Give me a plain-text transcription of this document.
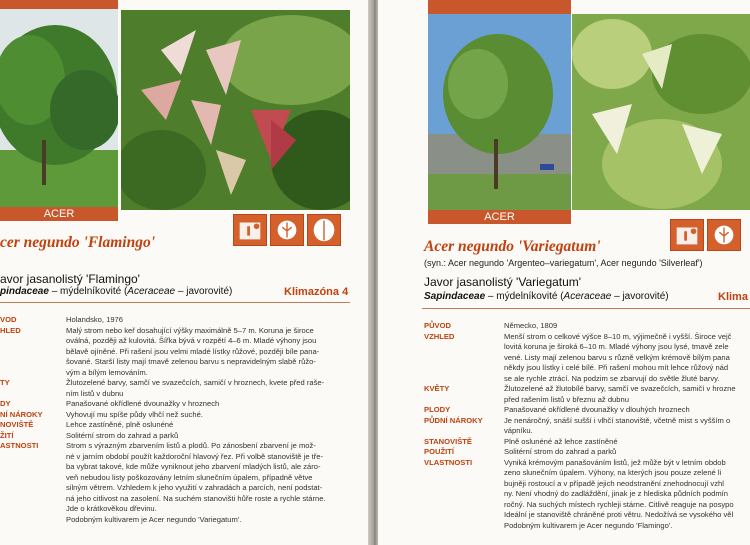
ACER
cer negundo 'Flamingo'
avor jasanolistý 'Flamingo'
pindaceae – mýdelníkovité (Aceraceae – javorovité)	Klimazóna 4
VOD	Holandsko, 1976
HLED	Malý strom nebo keř dosahující výšky maximálně 5–7 m. Koruna je široce
oválná, později až kulovitá. Šířka bývá v rozpětí 4–6 m. Mladé výhony jsou
bělavě ojíněné. Při rašení jsou velmi mladé lístky růžové, později bíle pana-
šované. Starší listy mají tmavě zelenou barvu s nepravidelným slabě růžo-
vým a bílým lemováním.
TY	Žlutozelené barvy, samčí ve svazečcích, samičí v hroznech, kvete před raše-
ním listů v dubnu
DY	Panašované okřídlené dvounažky v hroznech
NÍ NÁROKY	Vyhovují mu spíše půdy vlhčí než suché.
NOVIŠTĚ	Lehce zastíněné, plně oslunéné
ŽITÍ	Solitérní strom do zahrad a parků
ASTNOSTI	Strom s výrazným zbarvením listů a plodů. Po zánosbení zbarvení je mož-
né v jarním období použít každoroční hlavový řez. Při volbě stanoviště je tře-
ba vybrat takové, kde může vyniknout jeho zbarvení mladých listů, ale záro-
veň nebudou listy poškozovány letním slunečním úpalem, případně větve
silným větrem. Vzhledem k jeho využití v zahradách a parcích, není podstat-
ná jeho citlivost na zasolení. Na suchém stanovišti hůře roste a rychle stárne.
Jde o krátkověkou dřevinu.
Podobným kultivarem je Acer negundo 'Variegatum'.
ACER
Acer negundo 'Variegatum'
(syn.: Acer negundo 'Argenteo–variegatum', Acer negundo 'Silverleaf')
Javor jasanolistý 'Variegatum'
Sapindaceae – mýdelníkovité (Aceraceae – javorovité)	Klima
PŮVOD	Německo, 1809
VZHLED	Menší strom o celkové výšce 8–10 m, výjimečně i vyšší. Široce vejč
lovitá koruna je široká 6–10 m. Mladé výhony jsou lysé, tmavě zele
vené. Listy mají zelenou barvu s různě velkým krémově bílým pana
někdy jsou lístky i celé bílé. Při rašení mohou mít lehce růžový nád
se ale rychle ztrácí. Na podzim se zbarvují do světle žluté barvy.
KVĚTY	Žlutozelené až žlutobílé barvy, samčí ve svazečcích, samičí v hrozne
před rašením listů v březnu až dubnu
PLODY	Panašované okřídlené dvounažky v dlouhých hroznech
PŮDNÍ NÁROKY	Je nenáročný, snáší sušší i vlhčí stanoviště, včetně mist s vyšším o
vápníku.
STANOVIŠTĚ	Plně oslunéné až lehce zastíněné
POUŽITÍ	Solitérní strom do zahrad a parků
VLASTNOSTI	Vyniká krémovým panašováním listů, jež může být v letním obdob
zeno slunečním úpalem. Výhony, na kterých jsou pouze zelené li
bujněji rostoucí a v případě jejich neodstranění znehodnocují vzhl
ny. Není vhodný do zadláždění, jinak je z hlediska půdních podmín
ročný. Na suchých místech rychleji stárne. Citlivě reaguje na posypo
Ideální je stanoviště chráněné proti větru. Nedožívá se vysokého věl
Podobným kultivarem je Acer negundo 'Flamingo'.
